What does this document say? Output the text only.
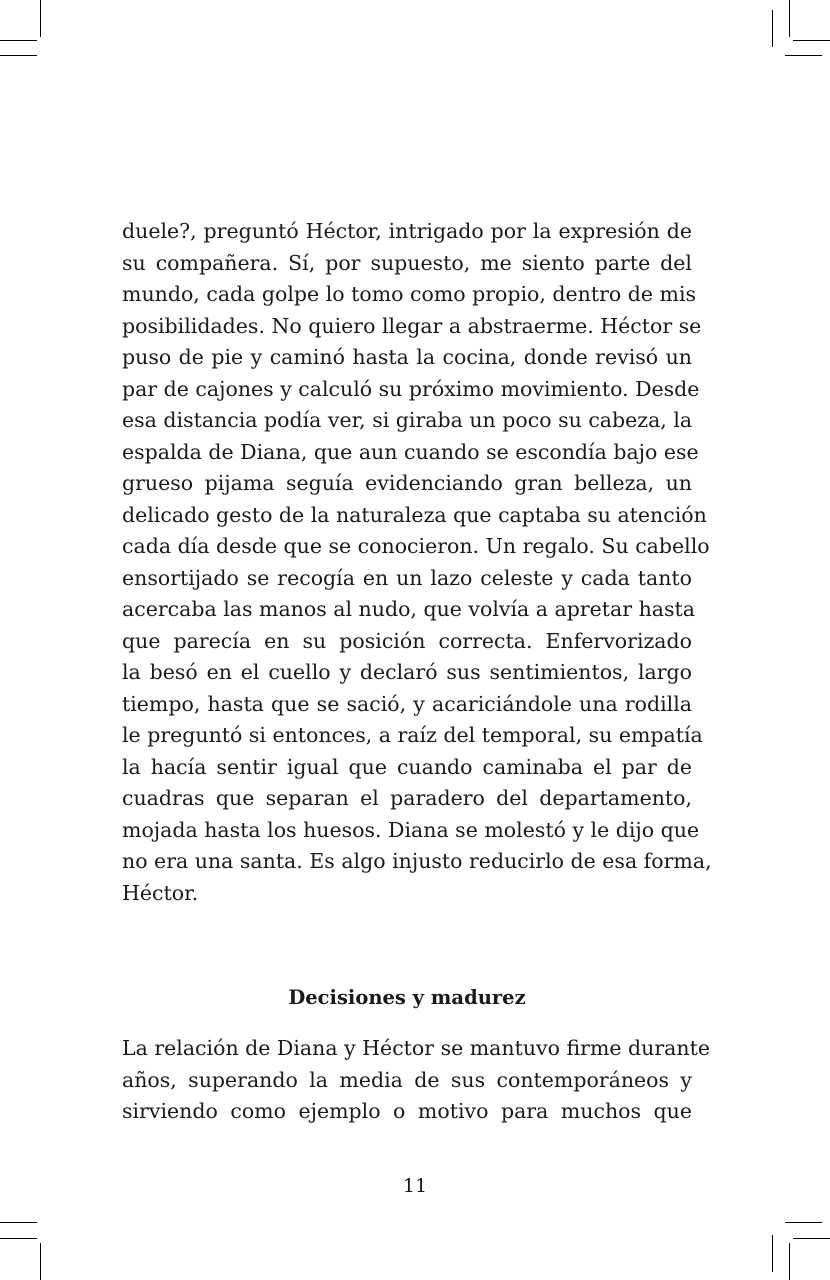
duele?, preguntó Héctor, intrigado por la expresión de
su compañera. Sí, por supuesto, me siento parte del
mundo, cada golpe lo tomo como propio, dentro de mis
posibilidades. No quiero llegar a abstraerme. Héctor se
puso de pie y caminó hasta la cocina, donde revisó un
par de cajones y calculó su próximo movimiento. Desde
esa distancia podía ver, si giraba un poco su cabeza, la
espalda de Diana, que aun cuando se escondía bajo ese
grueso pijama seguía evidenciando gran belleza, un
delicado gesto de la naturaleza que captaba su atención
cada día desde que se conocieron. Un regalo. Su cabello
ensortijado se recogía en un lazo celeste y cada tanto
acercaba las manos al nudo, que volvía a apretar hasta
que parecía en su posición correcta. Enfervorizado
la besó en el cuello y declaró sus sentimientos, largo
tiempo, hasta que se sació, y acariciándole una rodilla
le preguntó si entonces, a raíz del temporal, su empatía
la hacía sentir igual que cuando caminaba el par de
cuadras que separan el paradero del departamento,
mojada hasta los huesos. Diana se molestó y le dijo que
no era una santa. Es algo injusto reducirlo de esa forma,
Héctor.
Decisiones y madurez
La relación de Diana y Héctor se mantuvo firme durante
años, superando la media de sus contemporáneos y
sirviendo como ejemplo o motivo para muchos que
11
